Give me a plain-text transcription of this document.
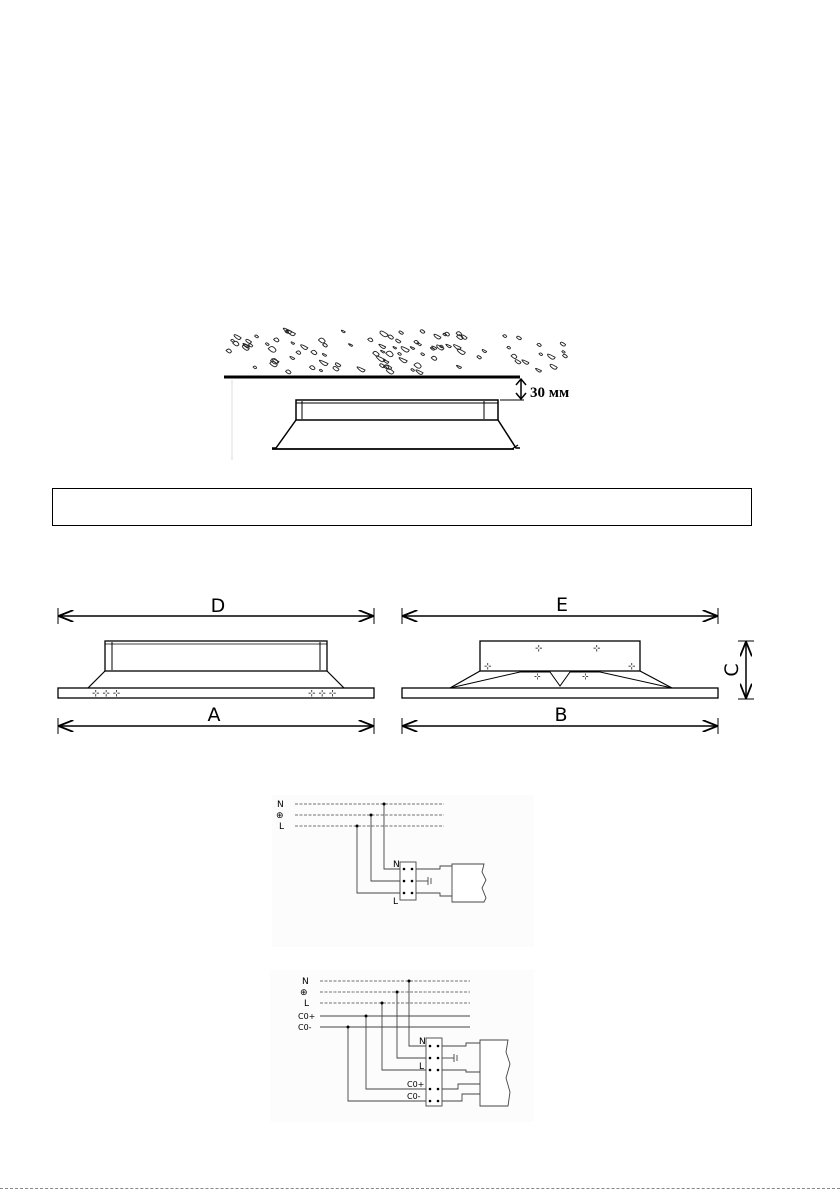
30 мм
D	E
⊹ ⊹ ⊹	⊹ ⊹ ⊹
⊹	⊹
⊹	⊹
⊹	⊹	C
A	B
N
⊕
L
N
L
N
⊕
L
C0+
C0-
N
L
C0+
C0-
